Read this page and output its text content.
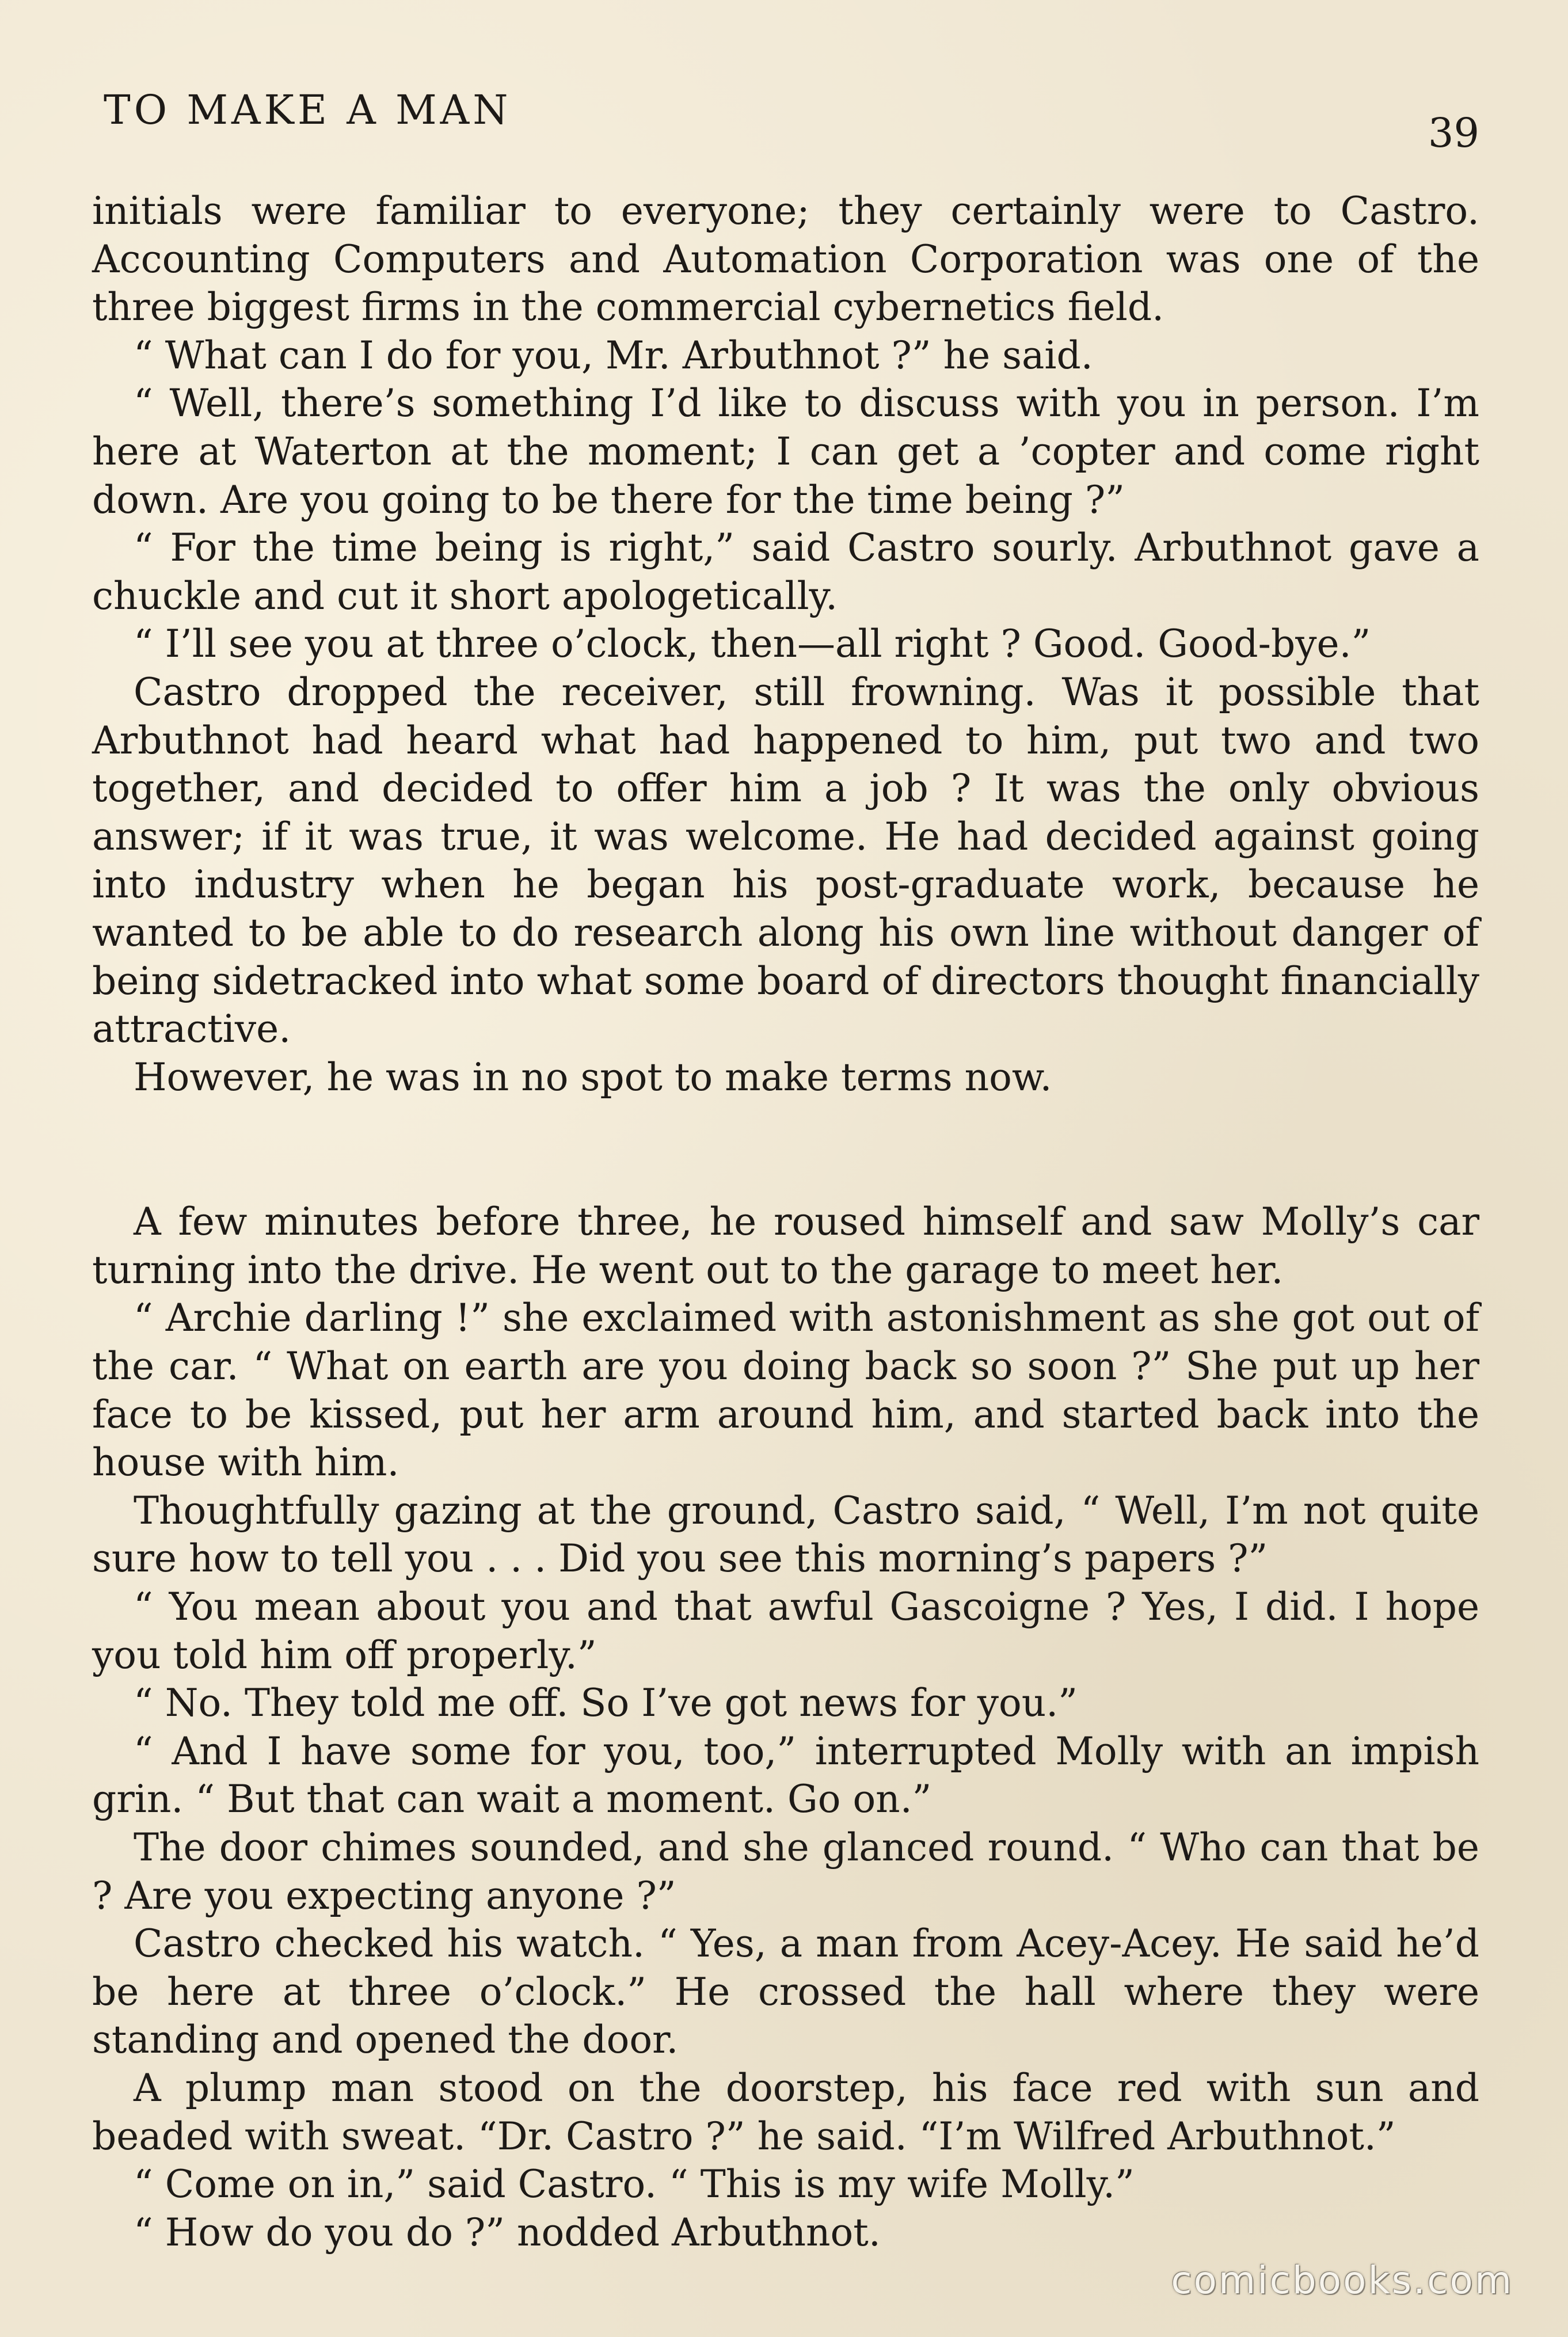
TO MAKE A MAN	39

initials were familiar to everyone; they certainly were to Castro. Accounting Computers and Automation Corporation was one of the three biggest firms in the commercial cybernetics field.

“ What can I do for you, Mr. Arbuthnot ?” he said.

“ Well, there’s something I’d like to discuss with you in person. I’m here at Waterton at the moment; I can get a ’copter and come right down. Are you going to be there for the time being ?”

“ For the time being is right,” said Castro sourly. Arbuthnot gave a chuckle and cut it short apologetically.

“ I’ll see you at three o’clock, then—all right ? Good. Good-bye.”

Castro dropped the receiver, still frowning. Was it possible that Arbuthnot had heard what had happened to him, put two and two together, and decided to offer him a job ? It was the only obvious answer; if it was true, it was welcome. He had decided against going into industry when he began his post-graduate work, because he wanted to be able to do research along his own line without danger of being sidetracked into what some board of directors thought financially attractive.

However, he was in no spot to make terms now.

A few minutes before three, he roused himself and saw Molly’s car turning into the drive. He went out to the garage to meet her.

“ Archie darling !” she exclaimed with astonishment as she got out of the car. “ What on earth are you doing back so soon ?” She put up her face to be kissed, put her arm around him, and started back into the house with him.

Thoughtfully gazing at the ground, Castro said, “ Well, I’m not quite sure how to tell you . . . Did you see this morning’s papers ?”

“ You mean about you and that awful Gascoigne ? Yes, I did. I hope you told him off properly.”

“ No. They told me off. So I’ve got news for you.”

“ And I have some for you, too,” interrupted Molly with an impish grin. “ But that can wait a moment. Go on.”

The door chimes sounded, and she glanced round. “ Who can that be ? Are you expecting anyone ?”

Castro checked his watch. “ Yes, a man from Acey-Acey. He said he’d be here at three o’clock.” He crossed the hall where they were standing and opened the door.

A plump man stood on the doorstep, his face red with sun and beaded with sweat. “Dr. Castro ?” he said. “I’m Wilfred Arbuthnot.”

“ Come on in,” said Castro. “ This is my wife Molly.”

“ How do you do ?” nodded Arbuthnot.

comicbooks.com
